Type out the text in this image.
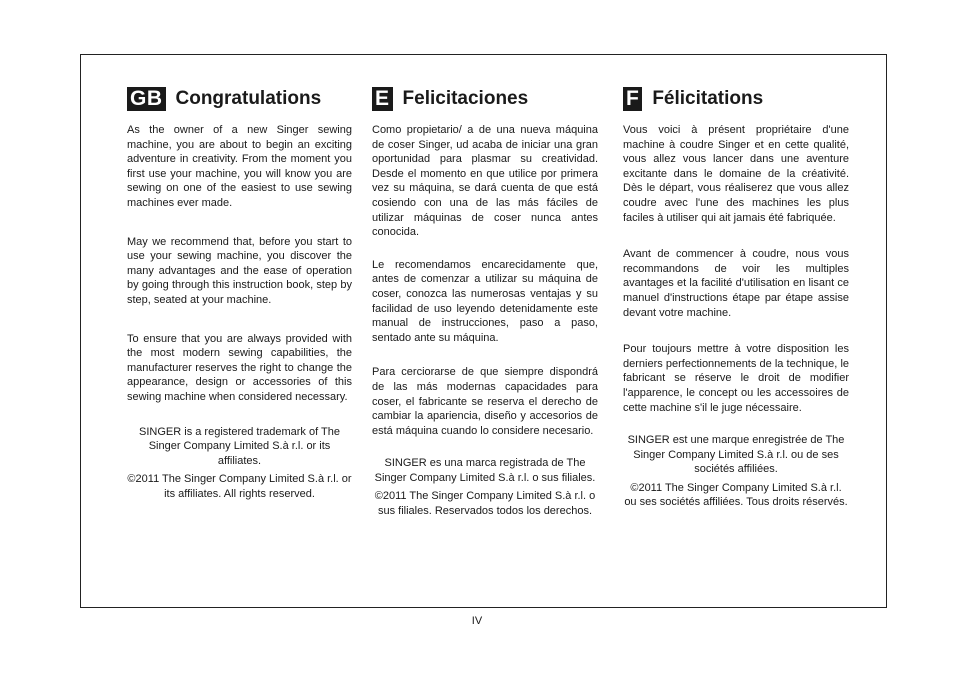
GB Congratulations

As the owner of a new Singer sewing machine, you are about to begin an exciting adventure in creativity. From the moment you first use your machine, you will know you are sewing on one of the easiest to use sewing machines ever made.

May we recommend that, before you start to use your sewing machine, you discover the many advantages and the ease of operation by going through this instruction book, step by step, seated at your machine.

To ensure that you are always provided with the most modern sewing capabilities, the manufacturer reserves the right to change the appearance, design or accessories of this sewing machine when considered necessary.

SINGER is a registered trademark of The Singer Company Limited S.à r.l. or its affiliates.

©2011 The Singer Company Limited S.à r.l. or its affiliates. All rights reserved.

E Felicitaciones

Como propietario/ a de una nueva máquina de coser Singer, ud acaba de iniciar una gran oportunidad para plasmar su creatividad. Desde el momento en que utilice por primera vez su máquina, se dará cuenta de que está cosiendo con una de las más fáciles de utilizar máquinas de coser nunca antes conocida.

Le recomendamos encarecidamente que, antes de comenzar a utilizar su máquina de coser, conozca las numerosas ventajas y su facilidad de uso leyendo detenidamente este manual de instrucciones, paso a paso, sentado ante su máquina.

Para cerciorarse de que siempre dispondrá de las más modernas capacidades para coser, el fabricante se reserva el derecho de cambiar la apariencia, diseño y accesorios de está máquina cuando lo considere necesario.

SINGER es una marca registrada de The Singer Company Limited S.à r.l. o sus filiales.

©2011 The Singer Company Limited S.à r.l. o sus filiales. Reservados todos los derechos.

F Félicitations

Vous voici à présent propriétaire d'une machine à coudre Singer et en cette qualité, vous allez vous lancer dans une aventure excitante dans le domaine de la créativité. Dès le départ, vous réaliserez que vous allez coudre avec l'une des machines les plus faciles à utiliser qui ait jamais été fabriquée.

Avant de commencer à coudre, nous vous recommandons de voir les multiples avantages et la facilité d'utilisation en lisant ce manuel d'instructions étape par étape assise devant votre machine.

Pour toujours mettre à votre disposition les derniers perfectionnements de la technique, le fabricant se réserve le droit de modifier l'apparence, le concept ou les accessoires de cette machine s'il le juge nécessaire.

SINGER est une marque enregistrée de The Singer Company Limited S.à r.l. ou de ses sociétés affiliées.

©2011 The Singer Company Limited S.à r.l. ou ses sociétés affiliées. Tous droits réservés.

IV
